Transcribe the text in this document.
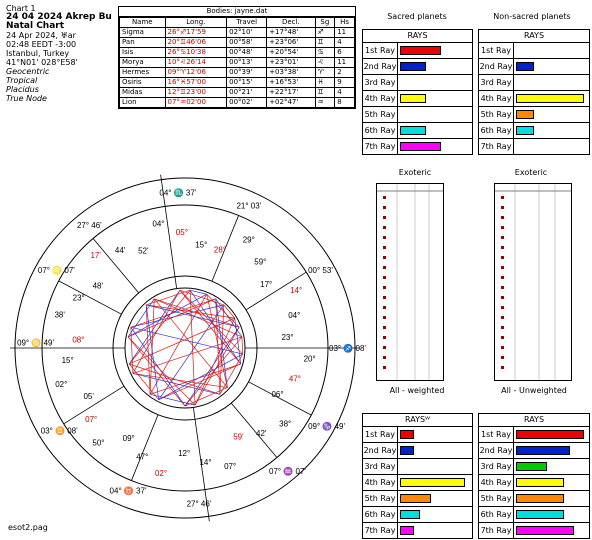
Chart 1
24 04 2024 Akrep Bu
Natal Chart
24 Apr 2024, ♅ar
02:48 EEDT -3:00
Istanbul, Turkey
41°N01' 028°E58'
Geocentric
Tropical
Placidus
True Node
Bodies: jayne.dat
Name	Long.	Travel	Decl.	Sg	Hs
Sigma	26°♐17'59	02°10'	+17°48'	♐	11
Pan	20°♊46'06	00°58'	+23°06'	♊	4
Isis	26°♋10'38	00°48'	+20°54'	♋	6
Morya	10°♌26'14	00°13'	+23°01'	♌	11
Hermes	09°♈12'06	00°39'	+03°38'	♈	2
Osiris	16°♓57'00	00°15'	+16°53'	♓	9
Midas	12°♊23'00	00°21'	+22°17'	♊	4
Lion	07°♒02'00	00°02'	+02°47'	♒	8
Sacred planets	Non-sacred planets
Exoteric	Exoteric
All - weighted	All - Unweighted
esot2.pag
RAYS
1st Ray
2nd Ray
3rd Ray
4th Ray
5th Ray
6th Ray
7th Ray
RAYS
1st Ray
2nd Ray
3rd Ray
4th Ray
5th Ray
6th Ray
7th Ray
RAYSᵂ
1st Ray
2nd Ray
3rd Ray
4th Ray
5th Ray
6th Ray
7th Ray
RAYS
1st Ray
2nd Ray
3rd Ray
4th Ray
5th Ray
6th Ray
7th Ray
04° ♏ 37'
27° 46'
07° ♌ 07'
09° ♋ 49'
03° ♊ 08'
04° ♉ 37'
27° 46'
07° ♒ 07'
09° ♑ 49'
03° ♐ 08'
00° 53'
21° 03'
15°
05°
04°
52'
44'
17'
48'
23°
38'
08°
15°
02°
05'
07°
50°
09°
47°
02°
12°
14° 07°
59' 42'
38°
06°
47°
20°
23°
04°
14°
17°
59°
29°
28°
